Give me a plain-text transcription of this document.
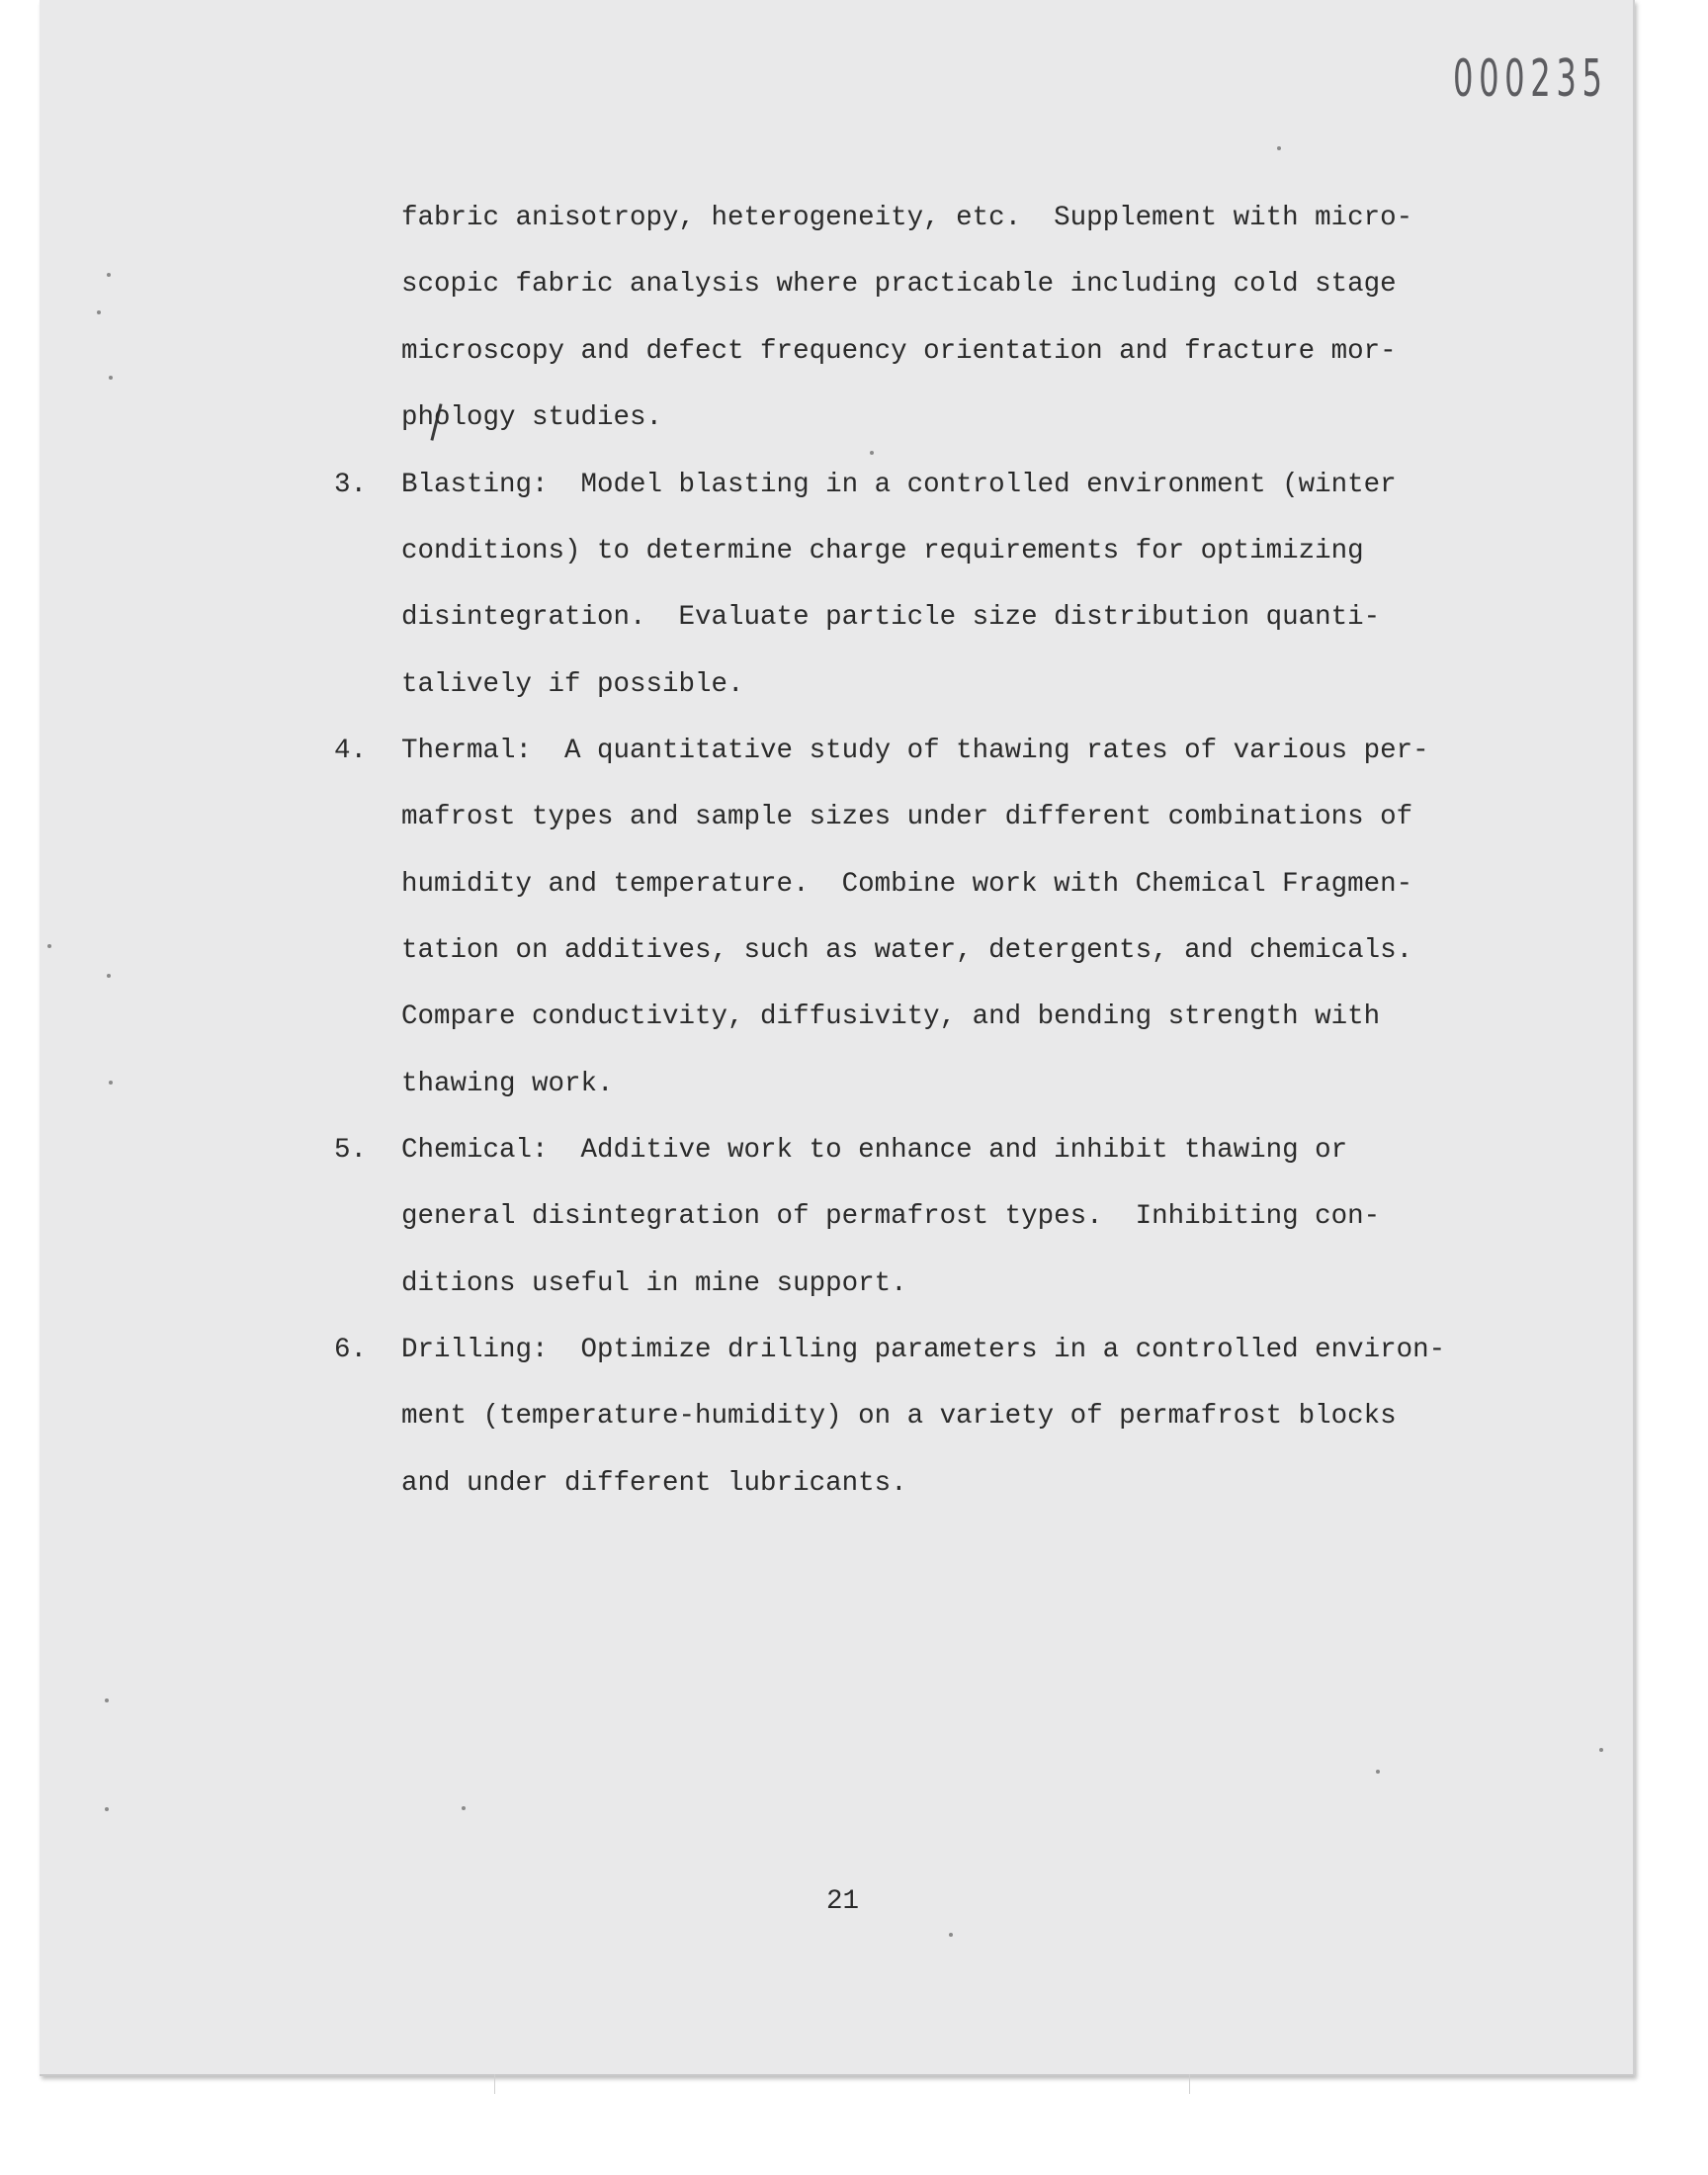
000235
fabric anisotropy, heterogeneity, etc.  Supplement with micro-
scopic fabric analysis where practicable including cold stage
microscopy and defect frequency orientation and fracture mor-
phology studies.
3. Blasting:  Model blasting in a controlled environment (winter
conditions) to determine charge requirements for optimizing
disintegration.  Evaluate particle size distribution quanti-
talively if possible.
4. Thermal:  A quantitative study of thawing rates of various per-
mafrost types and sample sizes under different combinations of
humidity and temperature.  Combine work with Chemical Fragmen-
tation on additives, such as water, detergents, and chemicals.
Compare conductivity, diffusivity, and bending strength with
thawing work.
5. Chemical:  Additive work to enhance and inhibit thawing or
general disintegration of permafrost types.  Inhibiting con-
ditions useful in mine support.
6. Drilling:  Optimize drilling parameters in a controlled environ-
ment (temperature-humidity) on a variety of permafrost blocks
and under different lubricants.
21
